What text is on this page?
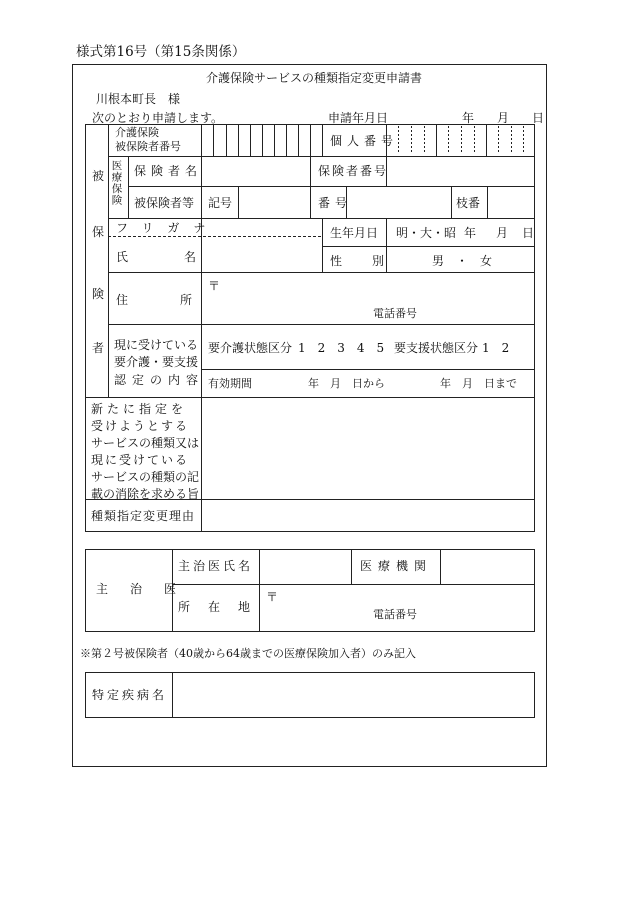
様式第16号（第15条関係）
介護保険サービスの種類指定変更申請書
川根本町長　様
次のとおり申請します。	申請年月日	年 月 日
被
保
険
者
介護保険
被保険者番号	個人番号
医療保険 保険者名	保険者番号
被保険者等 記号	番号	枝番
フリガナ
氏名
生年月日 明・大・昭 年 月 日
性別 男　・　女
住所
〒
電話番号
現に受けている
要介護・要支援
認定の内容
要介護状態区分 1　2　3　4　5 要支援状態区分 1　2
有効期間	年　月　日から	年　月　日まで
新たに指定を
受けようとする
サービスの種類又は
現に受けている
サービスの種類の記
載の消除を求める旨
種類指定変更理由
主治医
主治医氏名	医療機関
所在地
〒
電話番号
※第２号被保険者（40歳から64歳までの医療保険加入者）のみ記入
特定疾病名
